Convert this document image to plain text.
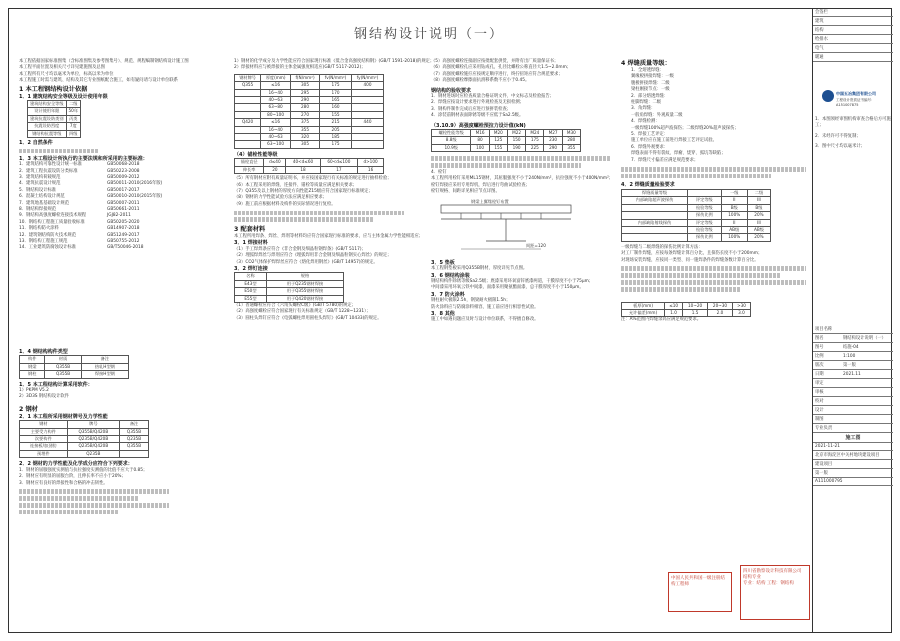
钢结构设计说明（一）

本工程依据国家标准图集（含标准图集及参考图集号）、规范、规程编制钢结构设计施工图

本工程平面位置及相关尺寸详见建施图及总图

本工程所有尺寸均以毫米为单位，标高以米为单位

本工程施工时需与建筑、结构及其它专业图纸配合施工，如有疑问请与设计单位联系

1 本工程钢结构设计依据

1．1 建筑结构安全等级及设计使用年限

建筑结构安全等级	二级
设计使用年限	50年
建筑抗震设防类别	丙类
抗震设防烈度	7度
钢结构抗震等级	四级

1．2 自然条件

1．3 本工程设计所执行的主要法规和所采用的主要标准：

1．建筑结构可靠性设计统一标准	GB50068-2018

2．建筑工程抗震设防分类标准	GB50223-2008

3．建筑结构荷载规范	GB50009-2012

4．建筑抗震设计规范	GB50011-2010(2016年版)

5．钢结构设计标准	GB50017-2017

6．混凝土结构设计规范	GB50010-2010(2015年版)

7．建筑地基基础设计规范	GB50007-2011

8．钢结构焊接规范	GB50661-2011

9．钢结构高强度螺栓连接技术规程	JGJ82-2011

10．钢结构工程施工质量验收标准	GB50205-2020

11．钢结构防火涂料	GB14907-2018

12．建筑钢结构防火技术规范	GB51249-2017

13．钢结构工程施工规范	GB50755-2012

14．工业建筑防腐蚀设计标准	GB/T50046-2018

1．4 钢结构构件类型

构件	材质	备注
钢梁	Q355B	热轧H型钢
钢柱	Q355B	焊接H型钢

1．5 本工程结构计算采用软件：

1）PKPM V5.2

2）3D3S 钢结构设计软件

2 钢材

2．1 本工程所采用钢材牌号及力学性能

钢材	牌号	备注
主要受力构件	Q355B/Q420B	Q355B
次要构件	Q235B/Q420B	Q235B
连接板/加劲肋	Q235B/Q420B	Q355B
预埋件	Q235B	

2．2 钢材的力学性能及化学成分应符合下列要求：

1．钢材的屈服强度实测值与抗拉强度实测值的比值不应大于0.85；

2．钢材应有明显的屈服台阶，且伸长率不应小于20%；

3．钢材应有良好的焊接性和合格的冲击韧性。

1）钢材的化学成分及力学性能应符合国家现行标准《低合金高强度结构钢》(GB/T 1591-2018)的规定；

2）焊接材料应与被焊接的主体金属强度相适应(GB/T 5117-2012)；

钢材牌号	厚度(mm)	f(N/mm²)	fv(N/mm²)	fy(N/mm²)
Q355	≤16	305	175	400
	16~40	295	170	
	40~63	290	165	
	63~80	280	160	
	80~100	270	155	
Q420	≤16	375	215	440
	16~40	355	205	
	40~63	320	185	
	63~100	305	175	

（4）锚栓性能等级

锚栓直径	d≤40	40<d≤60	60<d≤100	d>100
伸长率	20	18	17	16

（5）所有钢材应附有质量证明书，并应按国家现行有关标准的规定进行抽样检验；

（6）本工程采用的焊缝、连接件、锚栓等质量应满足相关要求；

（7）Q355及以上钢材的厚度方向性能Z15级应符合国家现行标准规定；

（8）钢材的力学性能试验方法应满足相应要求；

（9）施工前应根据材料及构件的实际情况进行复检。

3 配套材料

本工程所用焊条、焊丝、焊剂等材料均应符合国家现行标准的要求，应与主体金属力学性能相适应；

3．1 焊接材料

（1）手工焊焊条应符合《非合金钢及细晶粒钢焊条》(GB/T 5117)；

（2）埋弧焊焊丝与焊剂应符合《埋弧焊用非合金钢及细晶粒钢实心焊丝》的规定；

（3）CO2气体保护焊焊丝应符合《熔化焊用钢丝》(GB/T 14957)的规定。

3．2 焊钉连接

名称	规格
E43型	用于Q235钢材焊接
E50型	用于Q355钢材焊接
E55型	用于Q420钢材焊接

（1）普通螺栓应符合《六角头螺栓C级》(GB/T 5780)的规定；

（2）高强度螺栓应符合国家现行有关标准规定（GB/T 1228~1231）；

（3）圆柱头焊钉应符合《电弧螺柱焊用圆柱头焊钉》(GB/T 10433)的规定。

（5）高强度螺栓连接副应按批配套供货，并附有出厂质量保证书；

（6）高强度螺栓孔应采用钻成孔，孔径比螺栓公称直径大1.5~2.0mm；

（7）高强度螺栓施拧应按规定顺序进行，终拧扭矩应符合规范要求；

（8）高强度螺栓摩擦面抗滑移系数不应小于0.45。

钢结构的验收要求

1．钢材进场时应检查质量合格证明文件、中文标志及检验报告；

2．焊缝应按设计要求进行外观检查及无损检测；

3．钢构件制作完成后应进行预拼装检查；

4．涂装前钢材表面除锈等级不应低于Sa2.5级。

（3.10.9）高强度螺栓预拉力设计值(kN)

螺栓性能等级	M16	M20	M22	M24	M27	M30
8.8级	80	125	150	175	230	280
10.9级	100	155	190	225	290	355

4．栓钉

本工程所用栓钉采用ML15钢材，其屈服强度不小于240N/mm²，抗拉强度不小于400N/mm²；

栓钉焊接应采用专用焊机，焊后进行弯曲试验检查；

栓钉规格、间距详见相应节点详图。

钢梁上翼缘栓钉布置
间距=120

3．5 垫板

本工程钢垫板采用Q355B钢材，厚度详见节点图。

3．6 钢结构涂装

钢结构构件除锈等级Sa2.5级；底漆采用环氧富锌底漆两道，干膜厚度不小于75μm；

中间漆采用环氧云铁中间漆，面漆采用聚氨酯面漆，总干膜厚度不小于150μm。

3．7 防火涂料

钢柱耐火极限2.5h，钢梁耐火极限1.5h；

防火涂料应与防腐涂料相容，施工前应进行相容性试验。

3．8 其他

施工中如遇问题应及时与设计单位联系，不得擅自修改。

4 焊缝质量等级：

1．全熔透焊缝：

翼缘板拼接焊缝：一级

腹板拼接焊缝：二级

梁柱刚接节点：一级

2．部分熔透焊缝：

柱脚焊缝：二级

3．角焊缝：

一般角焊缝：外观质量二级

4．焊缝检测：

一级焊缝100%超声波探伤；二级焊缝20%超声波探伤；

5．焊接工艺评定：

施工单位应在施工前进行焊接工艺评定试验。

6．焊缝外观要求：

焊缝表面不得有裂纹、焊瘤、烧穿、弧坑等缺陷；

7．焊缝尺寸偏差应满足规范要求；

4．2 焊缝质量检验要求

焊缝质量等级		一级	二级
内部缺陷超声波探伤	评定等级	II	III
	检验等级	B级	B级
	探伤比例	100%	20%
内部缺陷射线探伤	评定等级	II	III
	检验等级	AB级	AB级
	探伤比例	100%	20%

一级焊缝与二级焊缝的探伤比例计算方法：

对工厂制作焊缝，应按每条焊缝计算百分比，且探伤长度不小于200mm；

对现场安装焊缝，应按同一类型、同一施焊条件的焊缝条数计算百分比。

板厚(mm)	≤10	10~20	20~30	>30
允许偏差(mm)	1.0	1.5	2.0	3.0

注：A%范围内焊缝余高应满足规范要求。

会签栏
建筑
结构
给排水
电气
暖通

1．本图须经审图机构审查合格后方可施工；

2．未经许可不得复制；

3．图中尺寸均以毫米计；

项目名称
图名	钢结构设计说明（一）
图号	结施-04
比例	1:100
版次	第一版
日期	2021.11
审定
审核
校对
设计
制图
专业负责
施工图
2021-11-21
北京市海淀区中关村地块建设项目
建设项目
第一版
A111000795
中国五冶集团有限公司
工程设计资质证书编号：A151007875
中国人民共和国一级注册结构工程师
四川省勘察设计科技有限公司
结构专业
专业：结构 工程：钢结构
